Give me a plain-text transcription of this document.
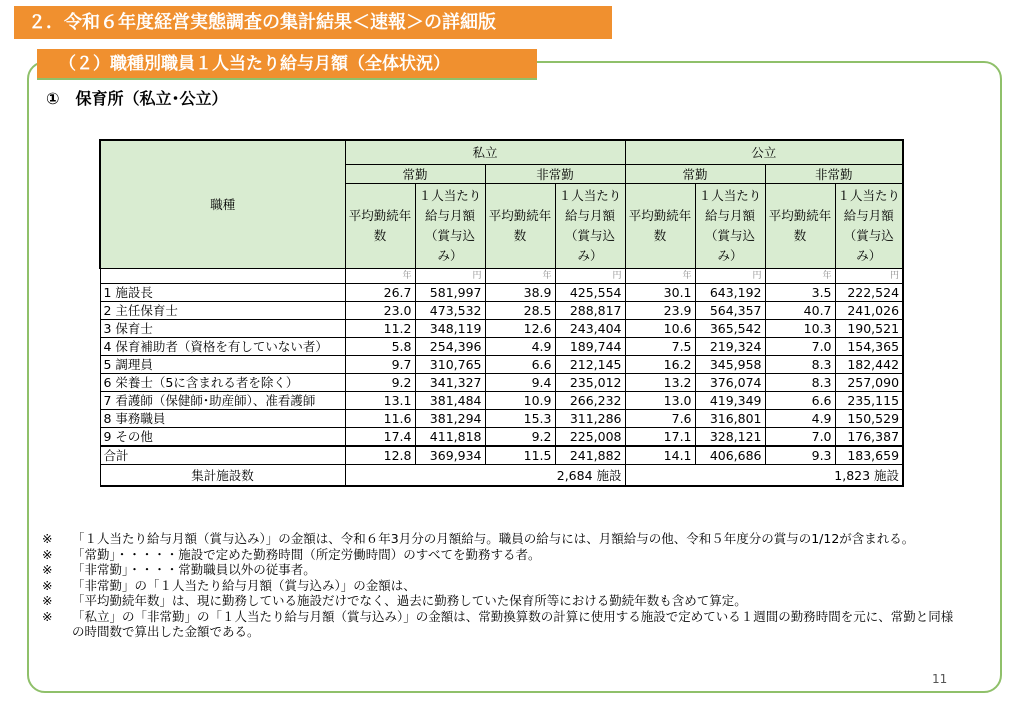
２．令和６年度経営実態調査の集計結果＜速報＞の詳細版
（２）職種別職員１人当たり給与月額（全体状況）
①　保育所（私立･公立）
職種	私立				公立			
	常勤		非常勤		常勤		非常勤	
	平均勤続年数	１人当たり給与月額（賞与込み）	平均勤続年数	１人当たり給与月額（賞与込み）	平均勤続年数	１人当たり給与月額（賞与込み）	平均勤続年数	１人当たり給与月額（賞与込み）
	年	円	年	円	年	円	年	円
1 施設長	26.7	581,997	38.9	425,554	30.1	643,192	3.5	222,524
2 主任保育士	23.0	473,532	28.5	288,817	23.9	564,357	40.7	241,026
3 保育士	11.2	348,119	12.6	243,404	10.6	365,542	10.3	190,521
4 保育補助者（資格を有していない者）	5.8	254,396	4.9	189,744	7.5	219,324	7.0	154,365
5 調理員	9.7	310,765	6.6	212,145	16.2	345,958	8.3	182,442
6 栄養士（5に含まれる者を除く）	9.2	341,327	9.4	235,012	13.2	376,074	8.3	257,090
7 看護師（保健師･助産師）、准看護師	13.1	381,484	10.9	266,232	13.0	419,349	6.6	235,115
8 事務職員	11.6	381,294	15.3	311,286	7.6	316,801	4.9	150,529
9 その他	17.4	411,818	9.2	225,008	17.1	328,121	7.0	176,387
合計	12.8	369,934	11.5	241,882	14.1	406,686	9.3	183,659
集計施設数	2,684 施設				1,823 施設			
※	「１人当たり給与月額（賞与込み）」の金額は、令和６年3月分の月額給与。職員の給与には、月額給与の他、令和５年度分の賞与の1/12が含まれる。
※	「常勤」・・・・・施設で定めた勤務時間（所定労働時間）のすべてを勤務する者。
※	「非常勤」・・・・常勤職員以外の従事者。
※	「非常勤」の「１人当たり給与月額（賞与込み）」の金額は、
※	「平均勤続年数」は、現に勤務している施設だけでなく、過去に勤務していた保育所等における勤続年数も含めて算定。
※	「私立」の「非常勤」の「１人当たり給与月額（賞与込み）」の金額は、常勤換算数の計算に使用する施設で定めている１週間の勤務時間を元に、常勤と同様の時間数で算出した金額である。
11
